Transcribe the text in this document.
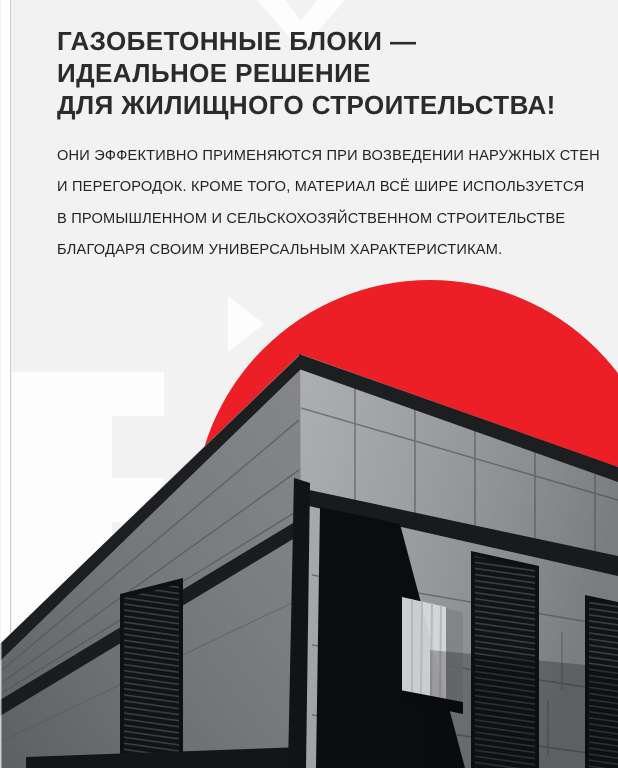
ГАЗОБЕТОННЫЕ БЛОКИ —
ИДЕАЛЬНОЕ РЕШЕНИЕ
ДЛЯ ЖИЛИЩНОГО СТРОИТЕЛЬСТВА!
ОНИ ЭФФЕКТИВНО ПРИМЕНЯЮТСЯ ПРИ ВОЗВЕДЕНИИ НАРУЖНЫХ СТЕН
И ПЕРЕГОРОДОК. КРОМЕ ТОГО, МАТЕРИАЛ ВСЁ ШИРЕ ИСПОЛЬЗУЕТСЯ
В ПРОМЫШЛЕННОМ И СЕЛЬСКОХОЗЯЙСТВЕННОМ СТРОИТЕЛЬСТВЕ
БЛАГОДАРЯ СВОИМ УНИВЕРСАЛЬНЫМ ХАРАКТЕРИСТИКАМ.
